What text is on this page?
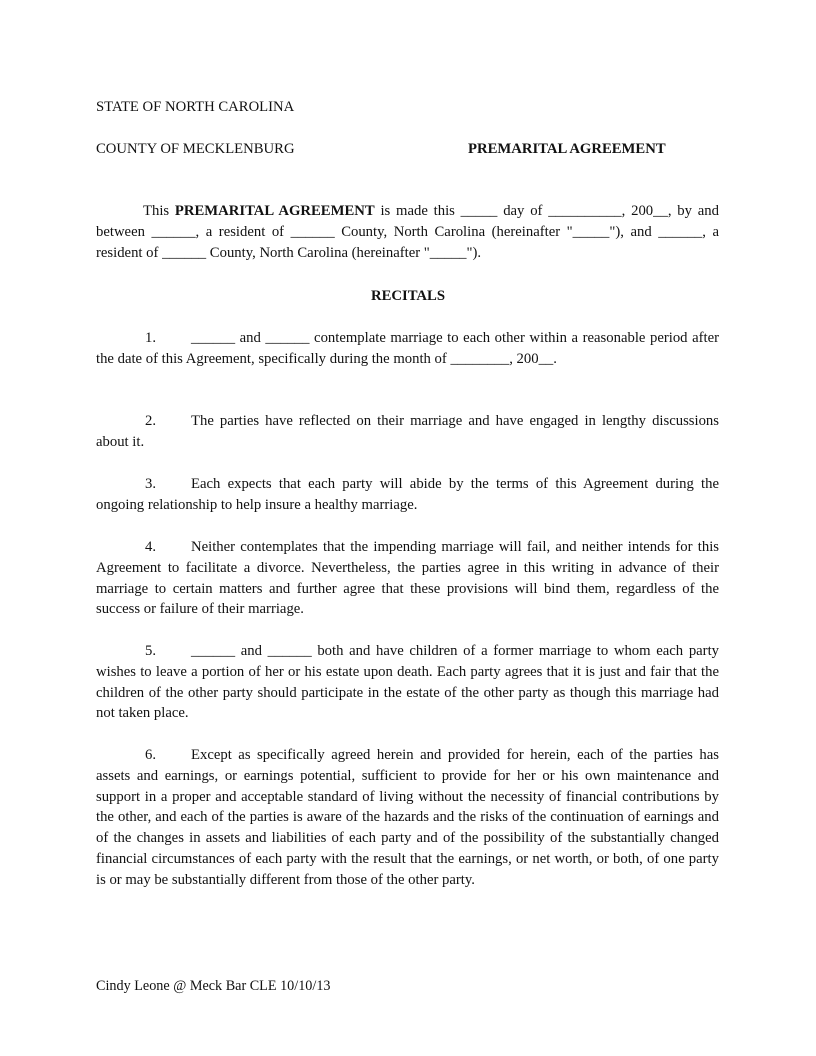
STATE OF NORTH CAROLINA
COUNTY OF MECKLENBURG	PREMARITAL AGREEMENT

This PREMARITAL AGREEMENT is made this _____ day of __________, 200__, by and between ______, a resident of ______ County, North Carolina (hereinafter "_____"), and ______, a resident of ______ County, North Carolina (hereinafter "_____").

RECITALS

1. ______ and ______ contemplate marriage to each other within a reasonable period after the date of this Agreement, specifically during the month of ________, 200__.

2. The parties have reflected on their marriage and have engaged in lengthy discussions about it.

3. Each expects that each party will abide by the terms of this Agreement during the ongoing relationship to help insure a healthy marriage.

4. Neither contemplates that the impending marriage will fail, and neither intends for this Agreement to facilitate a divorce. Nevertheless, the parties agree in this writing in advance of their marriage to certain matters and further agree that these provisions will bind them, regardless of the success or failure of their marriage.

5. ______ and ______ both and have children of a former marriage to whom each party wishes to leave a portion of her or his estate upon death. Each party agrees that it is just and fair that the children of the other party should participate in the estate of the other party as though this marriage had not taken place.

6. Except as specifically agreed herein and provided for herein, each of the parties has assets and earnings, or earnings potential, sufficient to provide for her or his own maintenance and support in a proper and acceptable standard of living without the necessity of financial contributions by the other, and each of the parties is aware of the hazards and the risks of the continuation of earnings and of the changes in assets and liabilities of each party and of the possibility of the substantially changed financial circumstances of each party with the result that the earnings, or net worth, or both, of one party is or may be substantially different from those of the other party.

Cindy Leone @ Meck Bar CLE 10/10/13
